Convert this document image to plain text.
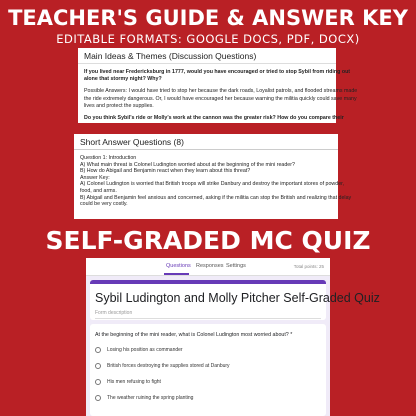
TEACHER'S GUIDE & ANSWER KEY
EDITABLE FORMATS: GOOGLE DOCS, PDF, DOCX)
Main Ideas & Themes (Discussion Questions)
If you lived near Fredericksburg in 1777, would you have encouraged or tried to stop Sybil from riding out
alone that stormy night? Why?
Possible Answers: I would have tried to stop her because the dark roads, Loyalist patrols, and flooded streams made
the ride extremely dangerous. Or, I would have encouraged her because warning the militia quickly could save many
lives and protect the supplies.
Do you think Sybil's ride or Molly's work at the cannon was the greater risk? How do you compare their
Short Answer Questions (8)
Question 1: Introduction
A) What main threat is Colonel Ludington worried about at the beginning of the mini reader?
B) How do Abigail and Benjamin react when they learn about this threat?
Answer Key:
A) Colonel Ludington is worried that British troops will strike Danbury and destroy the important stores of powder,
food, and arms.
B) Abigail and Benjamin feel anxious and concerned, asking if the militia can stop the British and realizing that delay
could be very costly.
SELF-GRADED MC QUIZ
Questions Responses Settings	Total points: 25
Sybil Ludington and Molly Pitcher Self-Graded Quiz
Form description
At the beginning of the mini reader, what is Colonel Ludington most worried about? *
Losing his position as commander
British forces destroying the supplies stored at Danbury
His men refusing to fight
The weather ruining the spring planting
